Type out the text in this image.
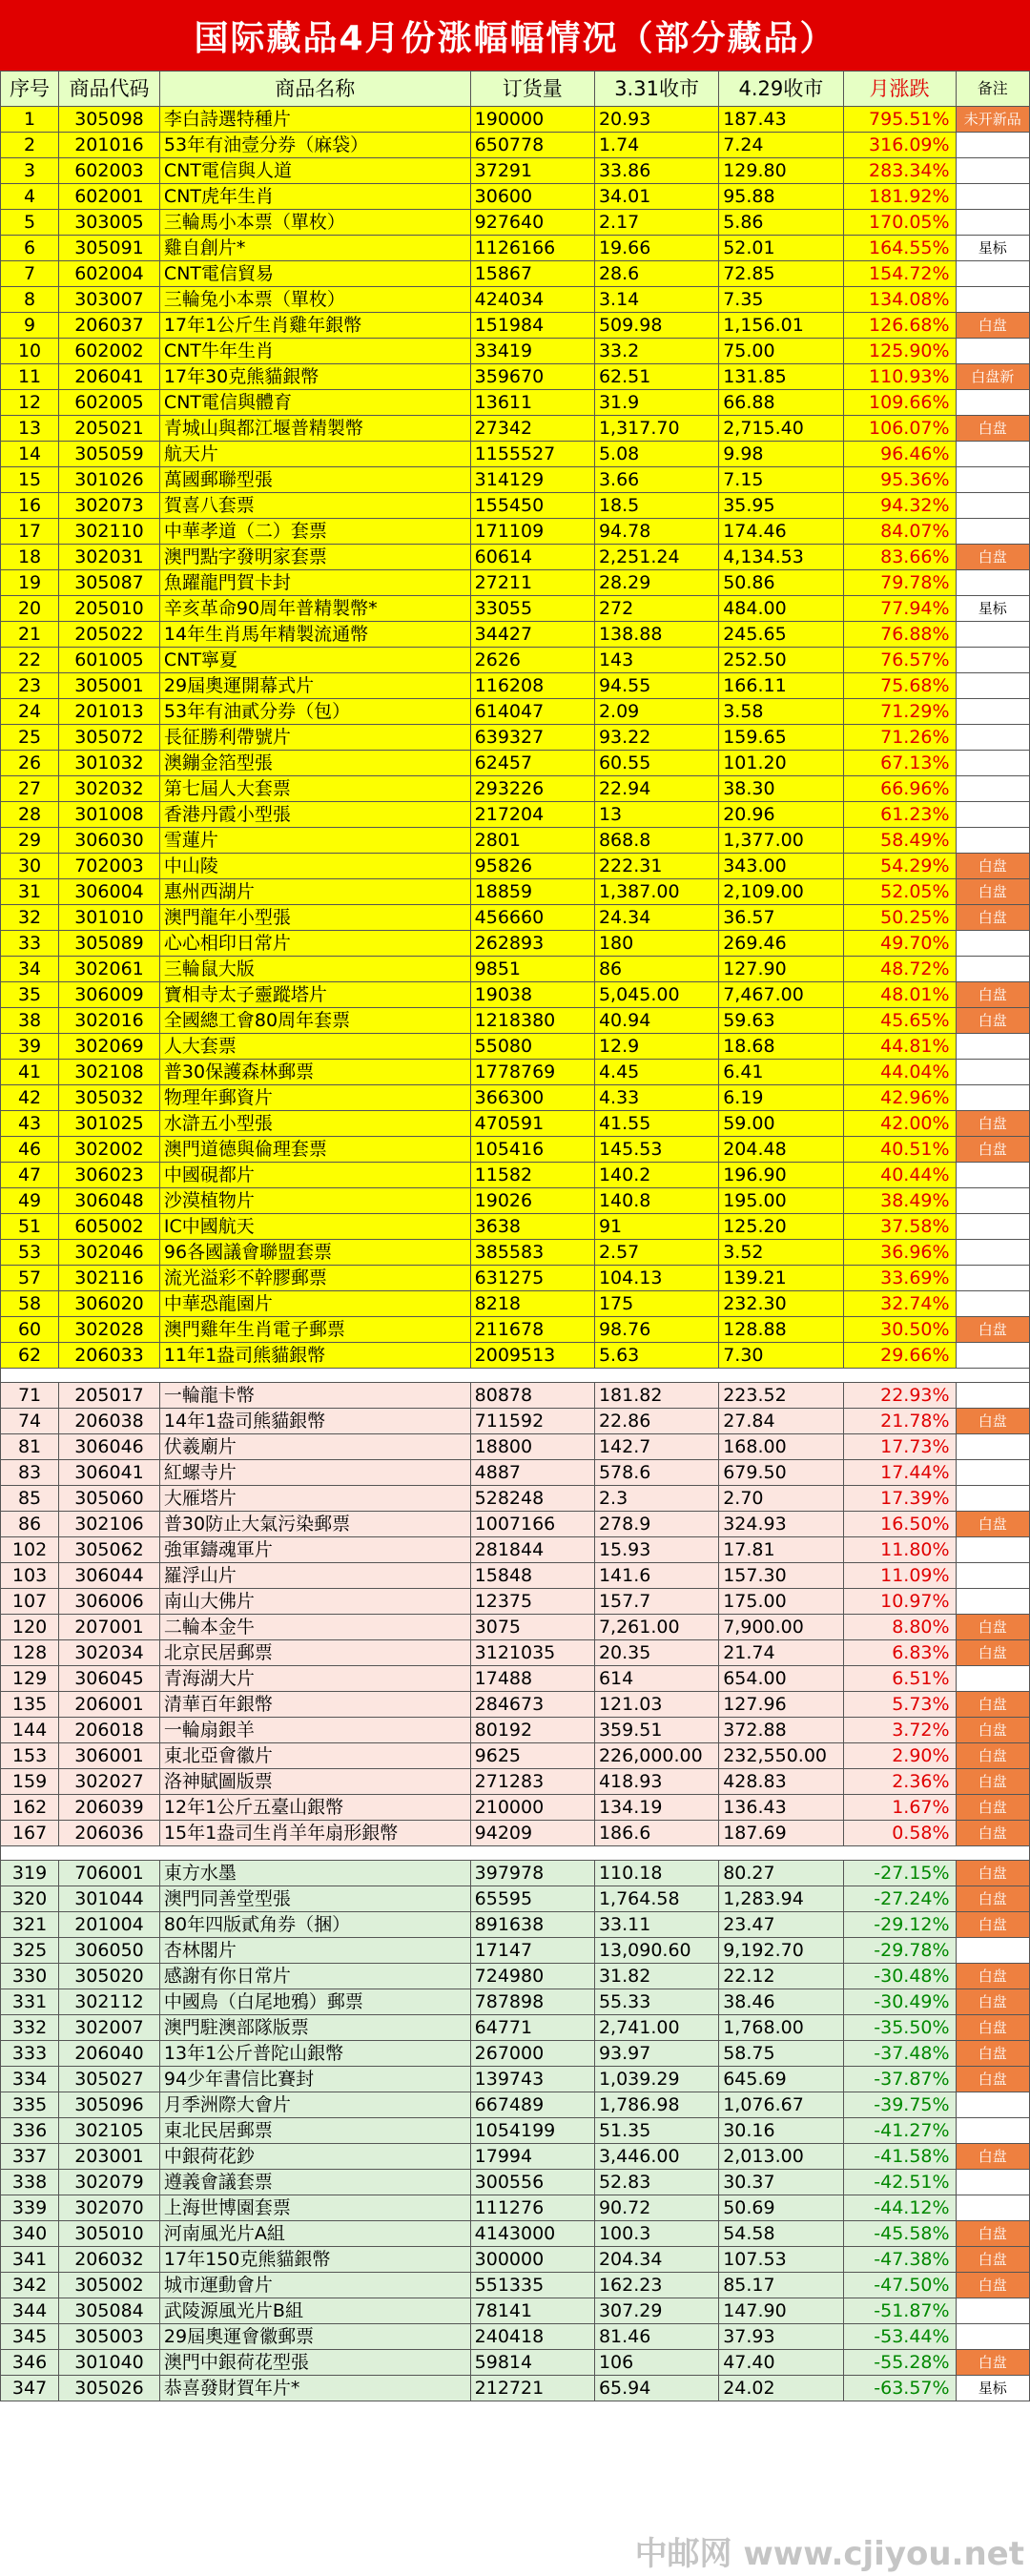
国际藏品4月份涨幅幅情况（部分藏品）
序号	商品代码	商品名称	订货量	3.31收市	4.29收市	月涨跌	备注
1	305098	李白詩選特種片	190000	20.93	187.43	795.51%	未开新品
2	201016	53年有油壹分券（麻袋）	650778	1.74	7.24	316.09%	
3	602003	CNT電信與人道	37291	33.86	129.80	283.34%	
4	602001	CNT虎年生肖	30600	34.01	95.88	181.92%	
5	303005	三輪馬小本票（單枚）	927640	2.17	5.86	170.05%	
6	305091	雞自創片*	1126166	19.66	52.01	164.55%	星标
7	602004	CNT電信貿易	15867	28.6	72.85	154.72%	
8	303007	三輪兔小本票（單枚）	424034	3.14	7.35	134.08%	
9	206037	17年1公斤生肖雞年銀幣	151984	509.98	1,156.01	126.68%	白盘
10	602002	CNT牛年生肖	33419	33.2	75.00	125.90%	
11	206041	17年30克熊貓銀幣	359670	62.51	131.85	110.93%	白盘新
12	602005	CNT電信與體育	13611	31.9	66.88	109.66%	
13	205021	青城山與都江堰普精製幣	27342	1,317.70	2,715.40	106.07%	白盘
14	305059	航天片	1155527	5.08	9.98	96.46%	
15	301026	萬國郵聯型張	314129	3.66	7.15	95.36%	
16	302073	賀喜八套票	155450	18.5	35.95	94.32%	
17	302110	中華孝道（二）套票	171109	94.78	174.46	84.07%	
18	302031	澳門點字發明家套票	60614	2,251.24	4,134.53	83.66%	白盘
19	305087	魚躍龍門賀卡封	27211	28.29	50.86	79.78%	
20	205010	辛亥革命90周年普精製幣*	33055	272	484.00	77.94%	星标
21	205022	14年生肖馬年精製流通幣	34427	138.88	245.65	76.88%	
22	601005	CNT寧夏	2626	143	252.50	76.57%	
23	305001	29屆奧運開幕式片	116208	94.55	166.11	75.68%	
24	201013	53年有油貳分券（包）	614047	2.09	3.58	71.29%	
25	305072	長征勝利帶號片	639327	93.22	159.65	71.26%	
26	301032	澳鏰金箔型張	62457	60.55	101.20	67.13%	
27	302032	第七屆人大套票	293226	22.94	38.30	66.96%	
28	301008	香港丹霞小型張	217204	13	20.96	61.23%	
29	306030	雪蓮片	2801	868.8	1,377.00	58.49%	
30	702003	中山陵	95826	222.31	343.00	54.29%	白盘
31	306004	惠州西湖片	18859	1,387.00	2,109.00	52.05%	白盘
32	301010	澳門龍年小型張	456660	24.34	36.57	50.25%	白盘
33	305089	心心相印日常片	262893	180	269.46	49.70%	
34	302061	三輪鼠大版	9851	86	127.90	48.72%	
35	306009	寶相寺太子靈蹤塔片	19038	5,045.00	7,467.00	48.01%	白盘
38	302016	全國總工會80周年套票	1218380	40.94	59.63	45.65%	白盘
39	302069	人大套票	55080	12.9	18.68	44.81%	
41	302108	普30保護森林郵票	1778769	4.45	6.41	44.04%	
42	305032	物理年郵資片	366300	4.33	6.19	42.96%	
43	301025	水滸五小型張	470591	41.55	59.00	42.00%	白盘
46	302002	澳門道德與倫理套票	105416	145.53	204.48	40.51%	白盘
47	306023	中國硯都片	11582	140.2	196.90	40.44%	
49	306048	沙漠植物片	19026	140.8	195.00	38.49%	
51	605002	IC中國航天	3638	91	125.20	37.58%	
53	302046	96各國議會聯盟套票	385583	2.57	3.52	36.96%	
57	302116	流光溢彩不幹膠郵票	631275	104.13	139.21	33.69%	
58	306020	中華恐龍園片	8218	175	232.30	32.74%	
60	302028	澳門雞年生肖電子郵票	211678	98.76	128.88	30.50%	白盘
62	206033	11年1盎司熊貓銀幣	2009513	5.63	7.30	29.66%	

71	205017	一輪龍卡幣	80878	181.82	223.52	22.93%	
74	206038	14年1盎司熊貓銀幣	711592	22.86	27.84	21.78%	白盘
81	306046	伏羲廟片	18800	142.7	168.00	17.73%	
83	306041	紅螺寺片	4887	578.6	679.50	17.44%	
85	305060	大雁塔片	528248	2.3	2.70	17.39%	
86	302106	普30防止大氣污染郵票	1007166	278.9	324.93	16.50%	白盘
102	305062	強軍鑄魂軍片	281844	15.93	17.81	11.80%	
103	306044	羅浮山片	15848	141.6	157.30	11.09%	
107	306006	南山大佛片	12375	157.7	175.00	10.97%	
120	207001	二輪本金牛	3075	7,261.00	7,900.00	8.80%	白盘
128	302034	北京民居郵票	3121035	20.35	21.74	6.83%	白盘
129	306045	青海湖大片	17488	614	654.00	6.51%	
135	206001	清華百年銀幣	284673	121.03	127.96	5.73%	白盘
144	206018	一輪扇銀羊	80192	359.51	372.88	3.72%	白盘
153	306001	東北亞會徽片	9625	226,000.00	232,550.00	2.90%	白盘
159	302027	洛神賦圖版票	271283	418.93	428.83	2.36%	白盘
162	206039	12年1公斤五臺山銀幣	210000	134.19	136.43	1.67%	白盘
167	206036	15年1盎司生肖羊年扇形銀幣	94209	186.6	187.69	0.58%	白盘

319	706001	東方水墨	397978	110.18	80.27	-27.15%	白盘
320	301044	澳門同善堂型張	65595	1,764.58	1,283.94	-27.24%	白盘
321	201004	80年四版貳角券（捆）	891638	33.11	23.47	-29.12%	白盘
325	306050	杏林閣片	17147	13,090.60	9,192.70	-29.78%	
330	305020	感謝有你日常片	724980	31.82	22.12	-30.48%	白盘
331	302112	中國鳥（白尾地鴉）郵票	787898	55.33	38.46	-30.49%	白盘
332	302007	澳門駐澳部隊版票	64771	2,741.00	1,768.00	-35.50%	白盘
333	206040	13年1公斤普陀山銀幣	267000	93.97	58.75	-37.48%	白盘
334	305027	94少年書信比賽封	139743	1,039.29	645.69	-37.87%	白盘
335	305096	月季洲際大會片	667489	1,786.98	1,076.67	-39.75%	
336	302105	東北民居郵票	1054199	51.35	30.16	-41.27%	
337	203001	中銀荷花鈔	17994	3,446.00	2,013.00	-41.58%	白盘
338	302079	遵義會議套票	300556	52.83	30.37	-42.51%	
339	302070	上海世博園套票	111276	90.72	50.69	-44.12%	
340	305010	河南風光片A組	4143000	100.3	54.58	-45.58%	白盘
341	206032	17年150克熊貓銀幣	300000	204.34	107.53	-47.38%	白盘
342	305002	城市運動會片	551335	162.23	85.17	-47.50%	白盘
344	305084	武陵源風光片B組	78141	307.29	147.90	-51.87%	
345	305003	29屆奧運會徽郵票	240418	81.46	37.93	-53.44%	
346	301040	澳門中銀荷花型張	59814	106	47.40	-55.28%	白盘
347	305026	恭喜發財賀年片*	212721	65.94	24.02	-63.57%	星标
中邮网 www.cjiyou.net
